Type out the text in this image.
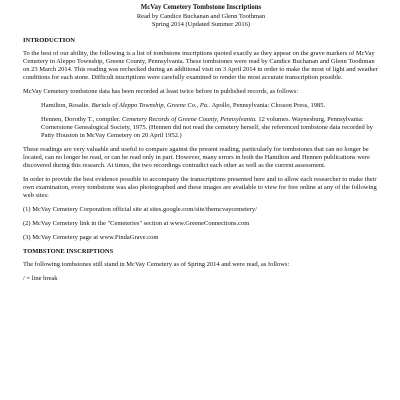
McVay Cemetery Tombstone Inscriptions
Read by Candice Buchanan and Glenn Toothman
Spring 2014 (Updated Summer 2016)
INTRODUCTION

To the best of our ability, the following is a list of tombstone inscriptions quoted exactly as they appear on the grave markers of McVay Cemetery in Aleppo Township, Greene County, Pennsylvania. These tombstones were read by Candice Buchanan and Glenn Toothman on 23 March 2014. This reading was rechecked during an additional visit on 3 April 2014 in order to make the most of light and weather conditions for each stone. Difficult inscriptions were carefully examined to render the most accurate transcription possible.

McVay Cemetery tombstone data has been recorded at least twice before in published records, as follows:

Hamilton, Rosalie. Burials of Aleppo Township, Greene Co., Pa.. Apollo, Pennsylvania: Closson Press, 1985.
Hennen, Dorothy T., compiler. Cemetery Records of Greene County, Pennsylvania. 12 volumes. Waynesburg, Pennsylvania: Cornerstone Genealogical Society, 1975. (Hennen did not read the cemetery herself, she referenced tombstone data recorded by Patty Houston in McVay Cemetery on 20 April 1952.)

These readings are very valuable and useful to compare against the present reading, particularly for tombstones that can no longer be located, can no longer be read, or can be read only in part. However, many errors in both the Hamilton and Hennen publications were discovered during this research. At times, the two recordings contradict each other as well as the current assessment.

In order to provide the best evidence possible to accompany the transcriptions presented here and to allow each researcher to make their own examination, every tombstone was also photographed and these images are available to view for free online at any of the following web sites:

(1) McVay Cemetery Corporation official site at sites.google.com/site/themcvaycemetery/
(2) McVay Cemetery link in the "Cemeteries" section at www.GreeneConnections.com
(3) McVay Cemetery page at www.FindaGrave.com
TOMBSTONE INSCRIPTIONS

The following tombstones still stand in McVay Cemetery as of Spring 2014 and were read, as follows:

/ = line break
